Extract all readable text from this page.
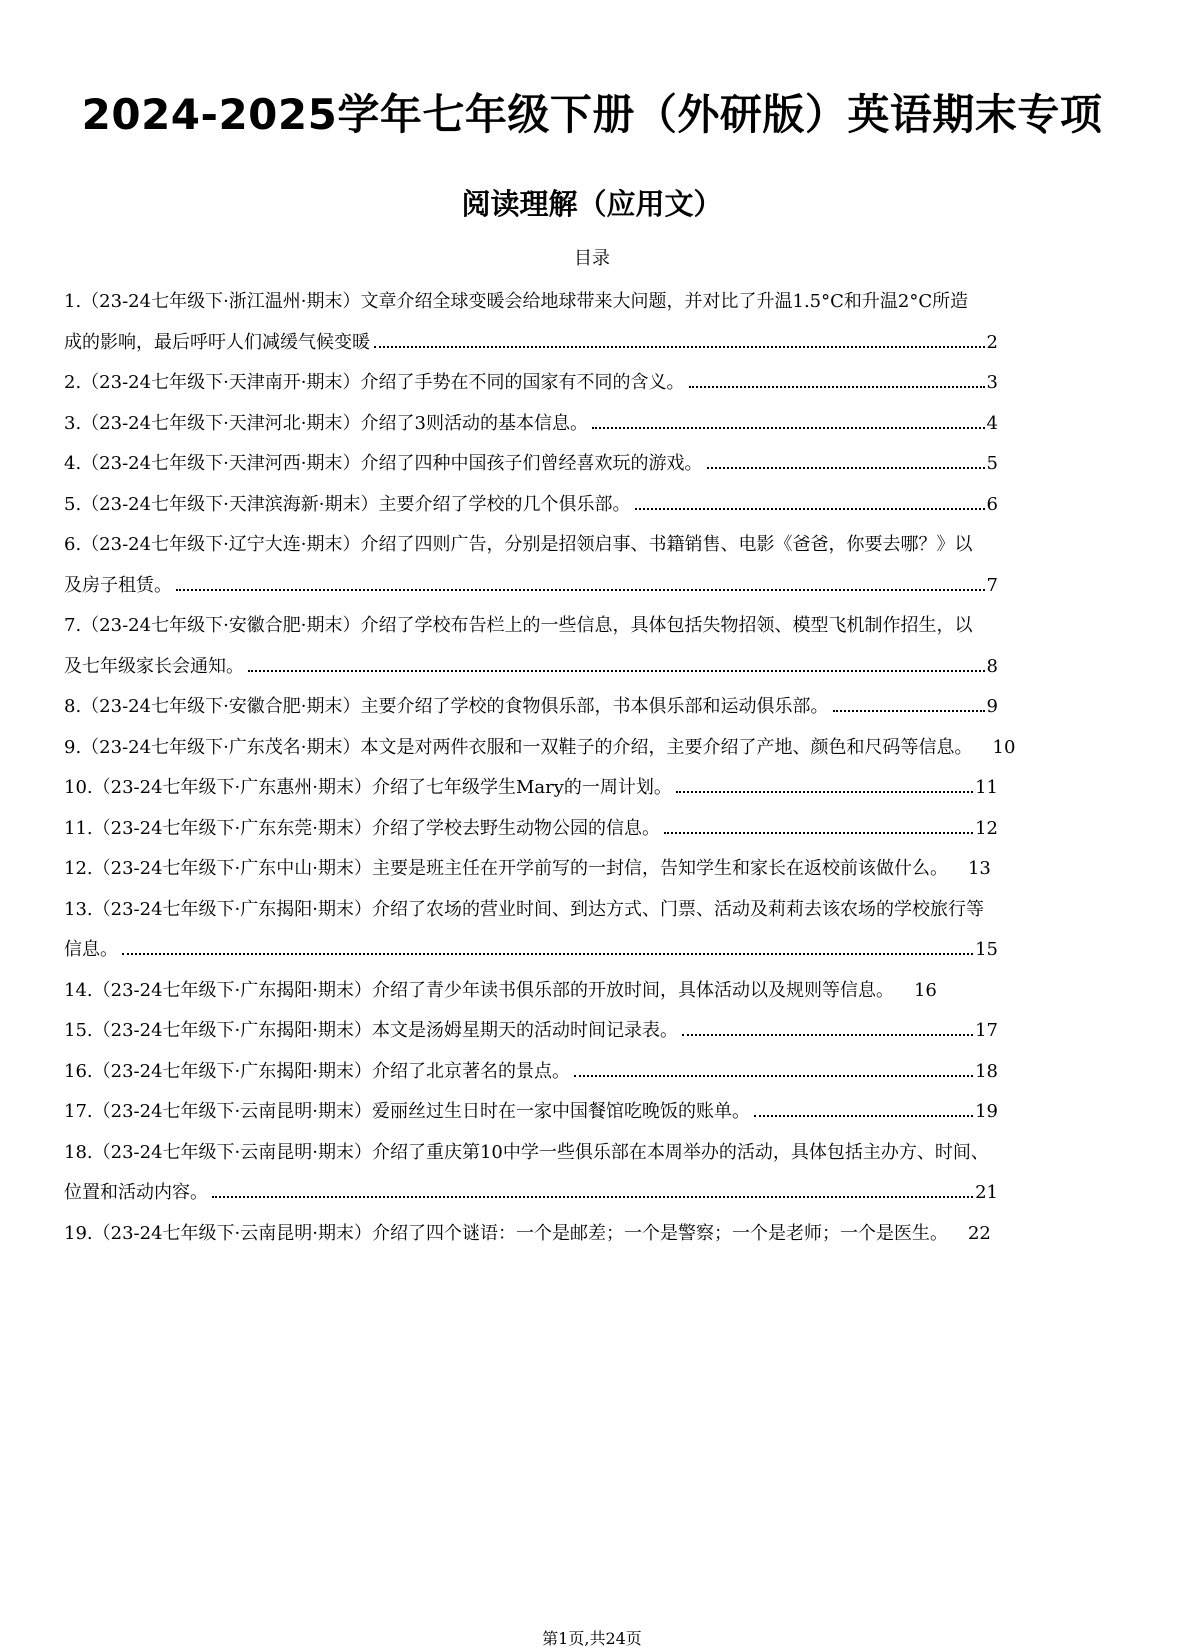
2024-2025学年七年级下册（外研版）英语期末专项
阅读理解（应用文）
目录
1.（23-24七年级下·浙江温州·期末）文章介绍全球变暖会给地球带来大问题，并对比了升温1.5°C和升温2°C所造
成的影响，最后呼吁人们减缓气候变暖	2
2.（23-24七年级下·天津南开·期末）介绍了手势在不同的国家有不同的含义。	3
3.（23-24七年级下·天津河北·期末）介绍了3则活动的基本信息。	4
4.（23-24七年级下·天津河西·期末）介绍了四种中国孩子们曾经喜欢玩的游戏。	5
5.（23-24七年级下·天津滨海新·期末）主要介绍了学校的几个俱乐部。	6
6.（23-24七年级下·辽宁大连·期末）介绍了四则广告，分别是招领启事、书籍销售、电影《爸爸，你要去哪？》以
及房子租赁。	7
7.（23-24七年级下·安徽合肥·期末）介绍了学校布告栏上的一些信息，具体包括失物招领、模型飞机制作招生，以
及七年级家长会通知。	8
8.（23-24七年级下·安徽合肥·期末）主要介绍了学校的食物俱乐部，书本俱乐部和运动俱乐部。	9
9.（23-24七年级下·广东茂名·期末）本文是对两件衣服和一双鞋子的介绍，主要介绍了产地、颜色和尺码等信息。 10
10.（23-24七年级下·广东惠州·期末）介绍了七年级学生Mary的一周计划。	11
11.（23-24七年级下·广东东莞·期末）介绍了学校去野生动物公园的信息。	12
12.（23-24七年级下·广东中山·期末）主要是班主任在开学前写的一封信，告知学生和家长在返校前该做什么。 13
13.（23-24七年级下·广东揭阳·期末）介绍了农场的营业时间、到达方式、门票、活动及莉莉去该农场的学校旅行等
信息。	15
14.（23-24七年级下·广东揭阳·期末）介绍了青少年读书俱乐部的开放时间，具体活动以及规则等信息。 16
15.（23-24七年级下·广东揭阳·期末）本文是汤姆星期天的活动时间记录表。	17
16.（23-24七年级下·广东揭阳·期末）介绍了北京著名的景点。	18
17.（23-24七年级下·云南昆明·期末）爱丽丝过生日时在一家中国餐馆吃晚饭的账单。	19
18.（23-24七年级下·云南昆明·期末）介绍了重庆第10中学一些俱乐部在本周举办的活动，具体包括主办方、时间、
位置和活动内容。	21
19.（23-24七年级下·云南昆明·期末）介绍了四个谜语：一个是邮差；一个是警察；一个是老师；一个是医生。 22
第1页,共24页
